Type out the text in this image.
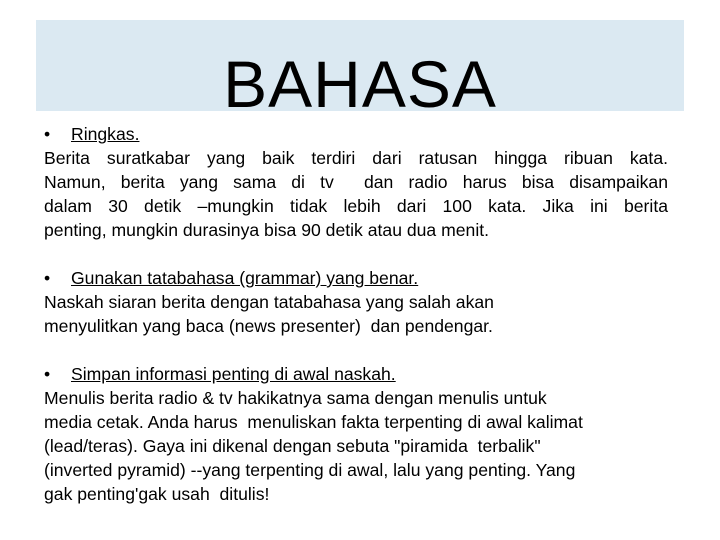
BAHASA
•	Ringkas.
Berita suratkabar yang baik terdiri dari ratusan hingga ribuan kata.
Namun, berita yang sama di tv  dan radio harus bisa disampaikan
dalam 30 detik –mungkin tidak lebih dari 100 kata. Jika ini berita
penting, mungkin durasinya bisa 90 detik atau dua menit.
•	Gunakan tatabahasa (grammar) yang benar.
Naskah siaran berita dengan tatabahasa yang salah akan
menyulitkan yang baca (news presenter)  dan pendengar.
•	Simpan informasi penting di awal naskah.
Menulis berita radio & tv hakikatnya sama dengan menulis untuk
media cetak. Anda harus  menuliskan fakta terpenting di awal kalimat
(lead/teras). Gaya ini dikenal dengan sebuta "piramida  terbalik"
(inverted pyramid) --yang terpenting di awal, lalu yang penting. Yang
gak penting'gak usah  ditulis!
